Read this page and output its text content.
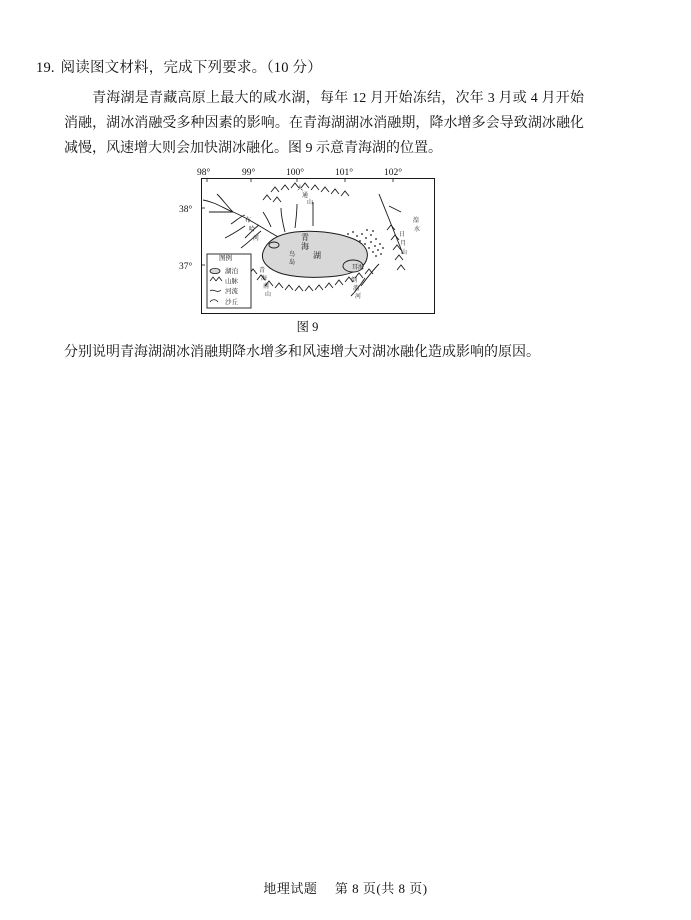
19. 阅读图文材料，完成下列要求。（10 分）

青海湖是青藏高原上最大的咸水湖，每年 12 月开始冻结，次年 3 月或 4 月开始消融，湖冰消融受多种因素的影响。在青海湖湖冰消融期，降水增多会导致湖冰融化减慢，风速增大则会加快湖冰融化。图 9 示意青海湖的位置。

98°	99°	100°	101°	102°
38°
37°
图例
湖泊
山脉
河流
沙丘
青
海
湖
鸟
岛
耳海
布
哈
河
大
通
山
日
月
山
湟
水
青
海
南
山
倒
淌
河
图 9
分别说明青海湖湖冰消融期降水增多和风速增大对湖冰融化造成影响的原因。
地理试题 第 8 页(共 8 页)
